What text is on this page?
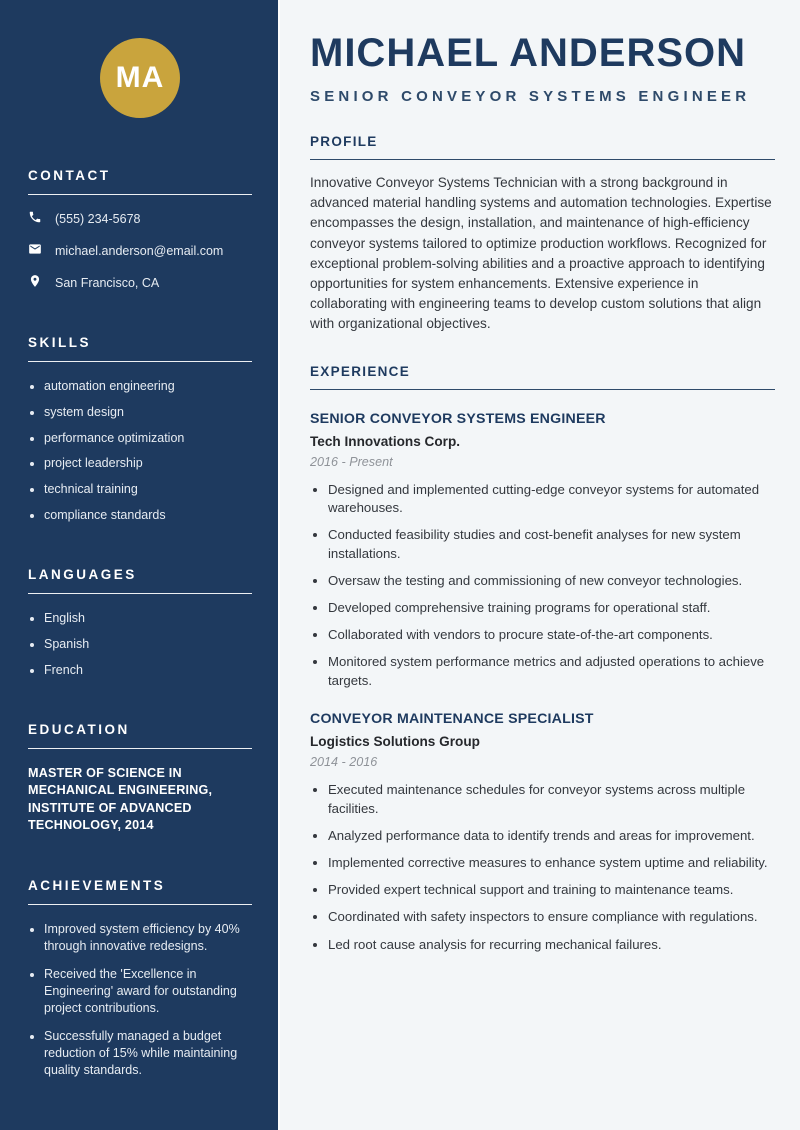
MA
CONTACT
(555) 234-5678
michael.anderson@email.com
San Francisco, CA
SKILLS
• automation engineering
• system design
• performance optimization
• project leadership
• technical training
• compliance standards
LANGUAGES
• English
• Spanish
• French
EDUCATION

MASTER OF SCIENCE IN MECHANICAL ENGINEERING, INSTITUTE OF ADVANCED TECHNOLOGY, 2014

ACHIEVEMENTS
• Improved system efficiency by 40% through innovative redesigns.
• Received the 'Excellence in Engineering' award for outstanding project contributions.
• Successfully managed a budget reduction of 15% while maintaining quality standards.
MICHAEL ANDERSON
SENIOR CONVEYOR SYSTEMS ENGINEER
PROFILE

Innovative Conveyor Systems Technician with a strong background in advanced material handling systems and automation technologies. Expertise encompasses the design, installation, and maintenance of high-efficiency conveyor systems tailored to optimize production workflows. Recognized for exceptional problem-solving abilities and a proactive approach to identifying opportunities for system enhancements. Extensive experience in collaborating with engineering teams to develop custom solutions that align with organizational objectives.

EXPERIENCE
SENIOR CONVEYOR SYSTEMS ENGINEER
Tech Innovations Corp.
2016 - Present
• Designed and implemented cutting-edge conveyor systems for automated warehouses.
• Conducted feasibility studies and cost-benefit analyses for new system installations.
• Oversaw the testing and commissioning of new conveyor technologies.
• Developed comprehensive training programs for operational staff.
• Collaborated with vendors to procure state-of-the-art components.
• Monitored system performance metrics and adjusted operations to achieve targets.
CONVEYOR MAINTENANCE SPECIALIST
Logistics Solutions Group
2014 - 2016
• Executed maintenance schedules for conveyor systems across multiple facilities.
• Analyzed performance data to identify trends and areas for improvement.
• Implemented corrective measures to enhance system uptime and reliability.
• Provided expert technical support and training to maintenance teams.
• Coordinated with safety inspectors to ensure compliance with regulations.
• Led root cause analysis for recurring mechanical failures.
